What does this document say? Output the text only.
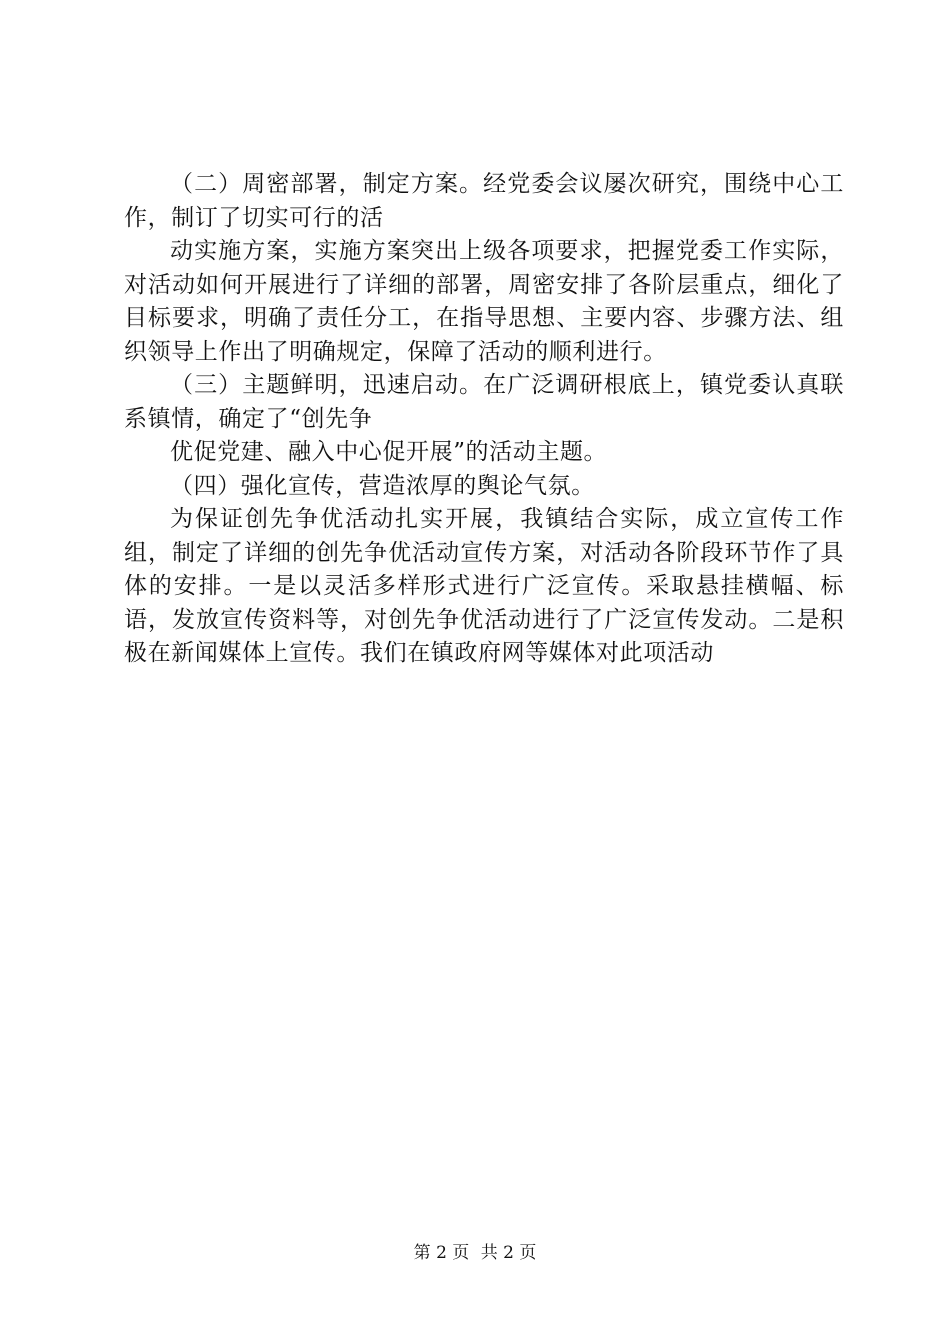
（二）周密部署，制定方案。经党委会议屡次研究，围绕中心工作，制订了切实可行的活

动实施方案，实施方案突出上级各项要求，把握党委工作实际，对活动如何开展进行了详细的部署，周密安排了各阶层重点，细化了目标要求，明确了责任分工，在指导思想、主要内容、步骤方法、组织领导上作出了明确规定，保障了活动的顺利进行。

（三）主题鲜明，迅速启动。在广泛调研根底上，镇党委认真联系镇情，确定了“创先争

优促党建、融入中心促开展”的活动主题。

（四）强化宣传，营造浓厚的舆论气氛。

为保证创先争优活动扎实开展，我镇结合实际，成立宣传工作组，制定了详细的创先争优活动宣传方案，对活动各阶段环节作了具体的安排。一是以灵活多样形式进行广泛宣传。采取悬挂横幅、标语，发放宣传资料等，对创先争优活动进行了广泛宣传发动。二是积极在新闻媒体上宣传。我们在镇政府网等媒体对此项活动

第 2 页 共 2 页
